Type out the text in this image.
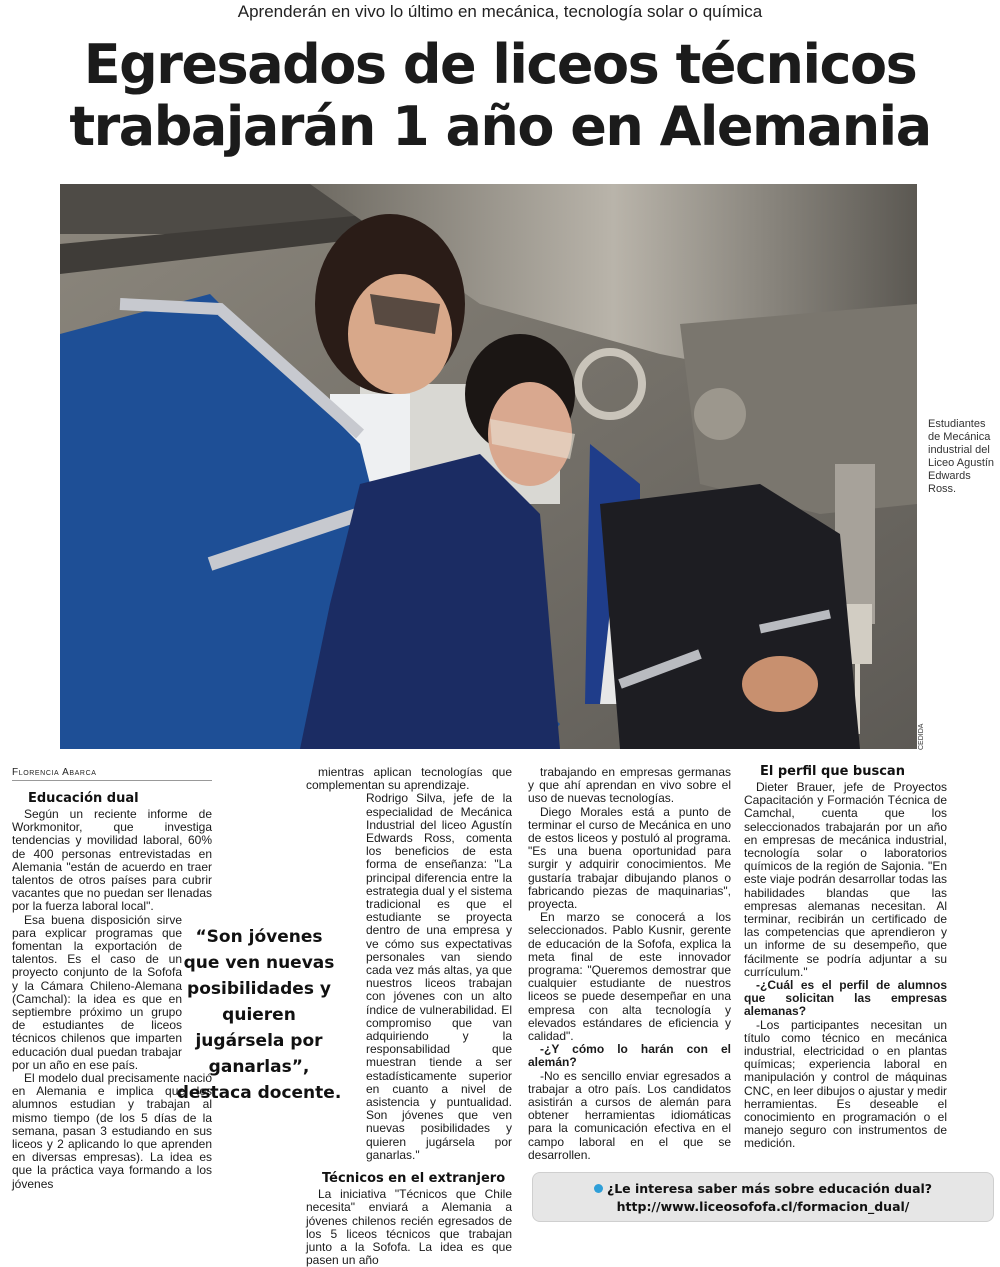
Aprenderán en vivo lo último en mecánica, tecnología solar o química
Egresados de liceos técnicos
trabajarán 1 año en Alemania
CEDIDA
Estudiantes de Mecánica industrial del Liceo Agustín Edwards Ross.
Florencia Abarca
Educación dual

Según un reciente informe de Workmonitor, que investiga tendencias y movilidad laboral, 60% de 400 personas entrevistadas en Alemania "están de acuerdo en traer talentos de otros países para cubrir vacantes que no puedan ser llenadas por la fuerza laboral local".

Esa buena disposición sirve para explicar programas que fomentan la exportación de talentos. Es el caso de un proyecto conjunto de la Sofofa y la Cámara Chileno-Alemana (Camchal): la idea es que en septiembre próximo un grupo de estudiantes de liceos técnicos chilenos que imparten educación dual puedan trabajar por un año en ese país.

El modelo dual precisamente nació en Alemania e implica que los alumnos estudian y trabajan al mismo tiempo (de los 5 días de la semana, pasan 3 estudiando en sus liceos y 2 aplicando lo que aprenden en diversas empresas). La idea es que la práctica vaya formando a los jóvenes

“Son jóvenes que ven nuevas posibilidades y quieren jugársela por ganarlas”, destaca docente.

mientras aplican tecnologías que complementan su aprendizaje.

Rodrigo Silva, jefe de la especialidad de Mecánica Industrial del liceo Agustín Edwards Ross, comenta los beneficios de esta forma de enseñanza: "La principal diferencia entre la estrategia dual y el sistema tradicional es que el estudiante se proyecta dentro de una empresa y ve cómo sus expectativas personales van siendo cada vez más altas, ya que nuestros liceos trabajan con jóvenes con un alto índice de vulnerabilidad. El compromiso que van adquiriendo y la responsabilidad que muestran tiende a ser estadísticamente superior en cuanto a nivel de asistencia y puntualidad. Son jóvenes que ven nuevas posibilidades y quieren jugársela por ganarlas."

Técnicos en el extranjero

La iniciativa "Técnicos que Chile necesita" enviará a Alemania a jóvenes chilenos recién egresados de los 5 liceos técnicos que trabajan junto a la Sofofa. La idea es que pasen un año

trabajando en empresas germanas y que ahí aprendan en vivo sobre el uso de nuevas tecnologías.

Diego Morales está a punto de terminar el curso de Mecánica en uno de estos liceos y postuló al programa. "Es una buena oportunidad para surgir y adquirir conocimientos. Me gustaría trabajar dibujando planos o fabricando piezas de maquinarias", proyecta.

En marzo se conocerá a los seleccionados. Pablo Kusnir, gerente de educación de la Sofofa, explica la meta final de este innovador programa: "Queremos demostrar que cualquier estudiante de nuestros liceos se puede desempeñar en una empresa con alta tecnología y elevados estándares de eficiencia y calidad".

-¿Y cómo lo harán con el alemán?

-No es sencillo enviar egresados a trabajar a otro país. Los candidatos asistirán a cursos de alemán para obtener herramientas idiomáticas para la comunicación efectiva en el campo laboral en el que se desarrollen.

El perfil que buscan

Dieter Brauer, jefe de Proyectos Capacitación y Formación Técnica de Camchal, cuenta que los seleccionados trabajarán por un año en empresas de mecánica industrial, tecnología solar o laboratorios químicos de la región de Sajonia. "En este viaje podrán desarrollar todas las habilidades blandas que las empresas alemanas necesitan. Al terminar, recibirán un certificado de las competencias que aprendieron y un informe de su desempeño, que fácilmente se podría adjuntar a su currículum."

-¿Cuál es el perfil de alumnos que solicitan las empresas alemanas?

-Los participantes necesitan un título como técnico en mecánica industrial, electricidad o en plantas químicas; experiencia laboral en manipulación y control de máquinas CNC, en leer dibujos o ajustar y medir herramientas. Es deseable el conocimiento en programación o el manejo seguro con instrumentos de medición.

¿Le interesa saber más sobre educación dual?
http://www.liceosofofa.cl/formacion_dual/
